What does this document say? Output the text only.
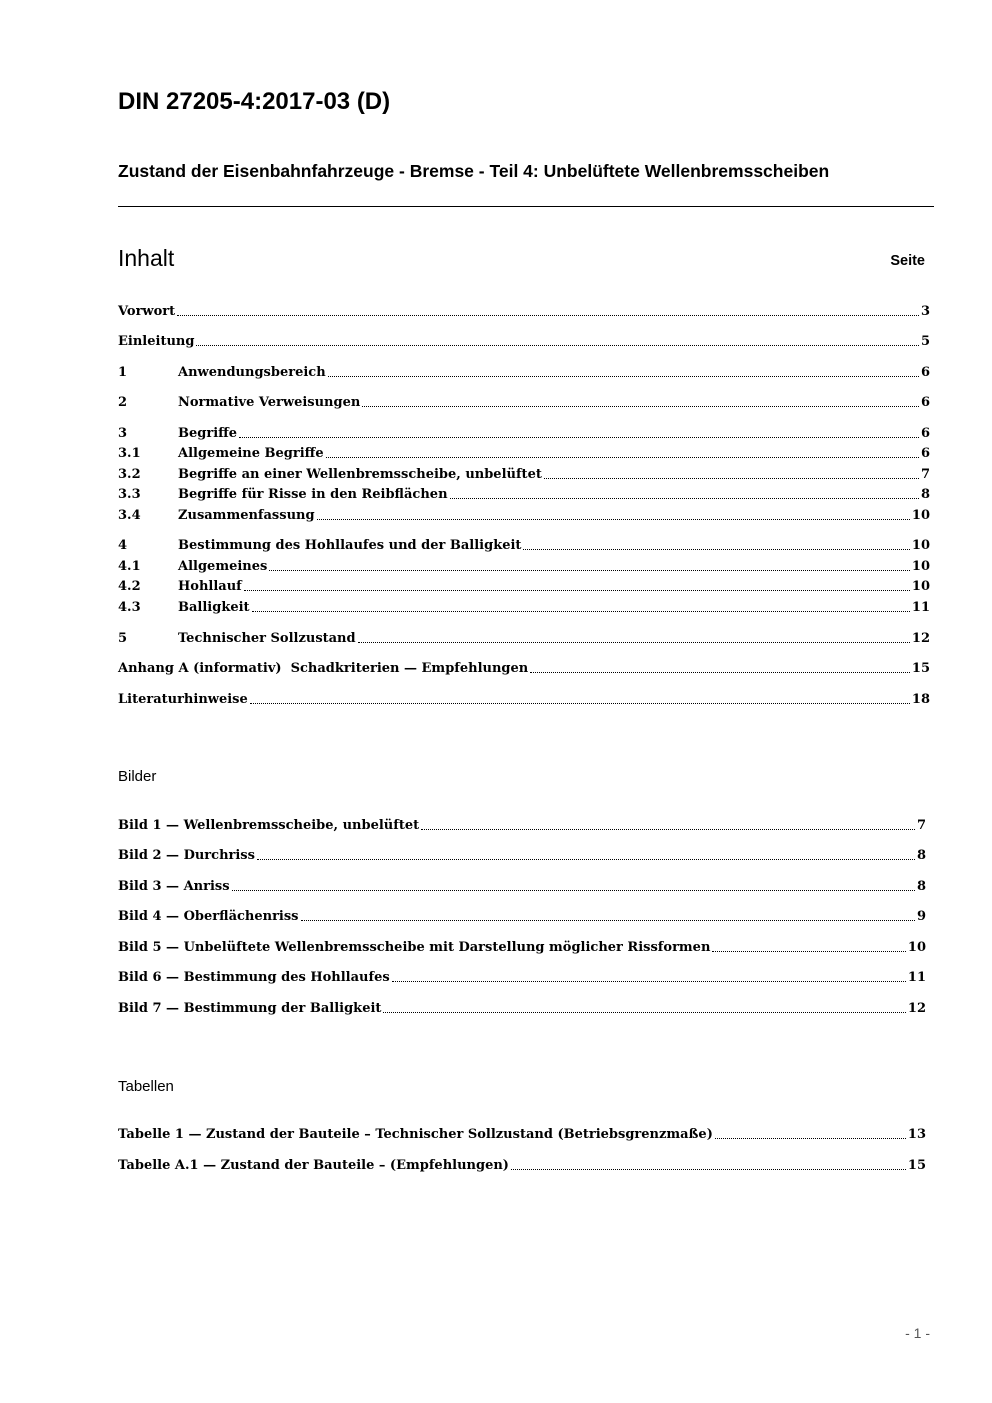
DIN 27205-4:2017-03 (D)
Zustand der Eisenbahnfahrzeuge - Bremse - Teil 4: Unbelüftete Wellenbremsscheiben
Inhalt	Seite
Vorwort	3
Einleitung	5
1	Anwendungsbereich	6
2	Normative Verweisungen	6
3	Begriffe	6
3.1	Allgemeine Begriffe	6
3.2	Begriffe an einer Wellenbremsscheibe, unbelüftet	7
3.3	Begriffe für Risse in den Reibflächen	8
3.4	Zusammenfassung	10
4	Bestimmung des Hohllaufes und der Balligkeit	10
4.1	Allgemeines	10
4.2	Hohllauf	10
4.3	Balligkeit	11
5	Technischer Sollzustand	12
Anhang A (informativ)  Schadkriterien — Empfehlungen	15
Literaturhinweise	18
Bilder
Bild 1 — Wellenbremsscheibe, unbelüftet	7
Bild 2 — Durchriss	8
Bild 3 — Anriss	8
Bild 4 — Oberflächenriss	9
Bild 5 — Unbelüftete Wellenbremsscheibe mit Darstellung möglicher Rissformen	10
Bild 6 — Bestimmung des Hohllaufes	11
Bild 7 — Bestimmung der Balligkeit	12
Tabellen
Tabelle 1 — Zustand der Bauteile – Technischer Sollzustand (Betriebsgrenzmaße)	13
Tabelle A.1 — Zustand der Bauteile – (Empfehlungen)	15
- 1 -
